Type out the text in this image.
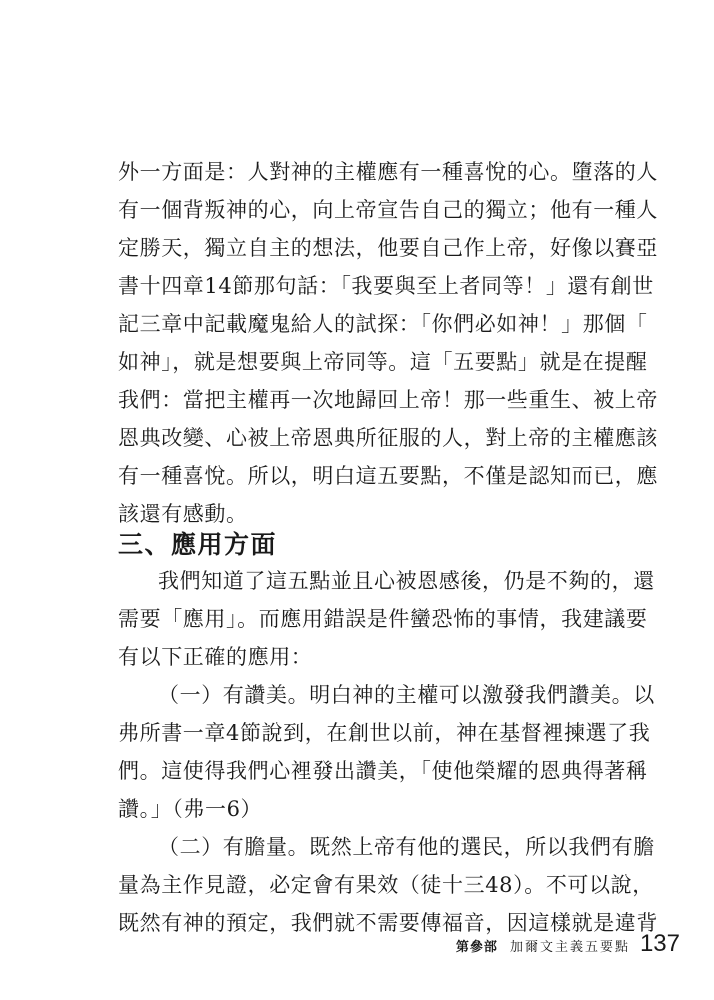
外一方面是：人對神的主權應有一種喜悅的心。墮落的人
有一個背叛神的心，向上帝宣告自己的獨立；他有一種人
定勝天，獨立自主的想法，他要自己作上帝，好像以賽亞
書十四章14節那句話：「我要與至上者同等！」還有創世
記三章中記載魔鬼給人的試探：「你們必如神！」那個「
如神」，就是想要與上帝同等。這「五要點」就是在提醒
我們：當把主權再一次地歸回上帝！那一些重生、被上帝
恩典改變、心被上帝恩典所征服的人，對上帝的主權應該
有一種喜悅。所以，明白這五要點，不僅是認知而已，應
該還有感動。
三、應用方面
我們知道了這五點並且心被恩感後，仍是不夠的，還
需要「應用」。而應用錯誤是件蠻恐怖的事情，我建議要
有以下正確的應用：
（一）有讚美。明白神的主權可以激發我們讚美。以
弗所書一章4節說到，在創世以前，神在基督裡揀選了我
們。這使得我們心裡發出讚美，「使他榮耀的恩典得著稱
讚。」（弗一6）
（二）有膽量。既然上帝有他的選民，所以我們有膽
量為主作見證，必定會有果效（徒十三48）。不可以說，
既然有神的預定，我們就不需要傳福音，因這樣就是違背
第參部 加爾文主義五要點 137
